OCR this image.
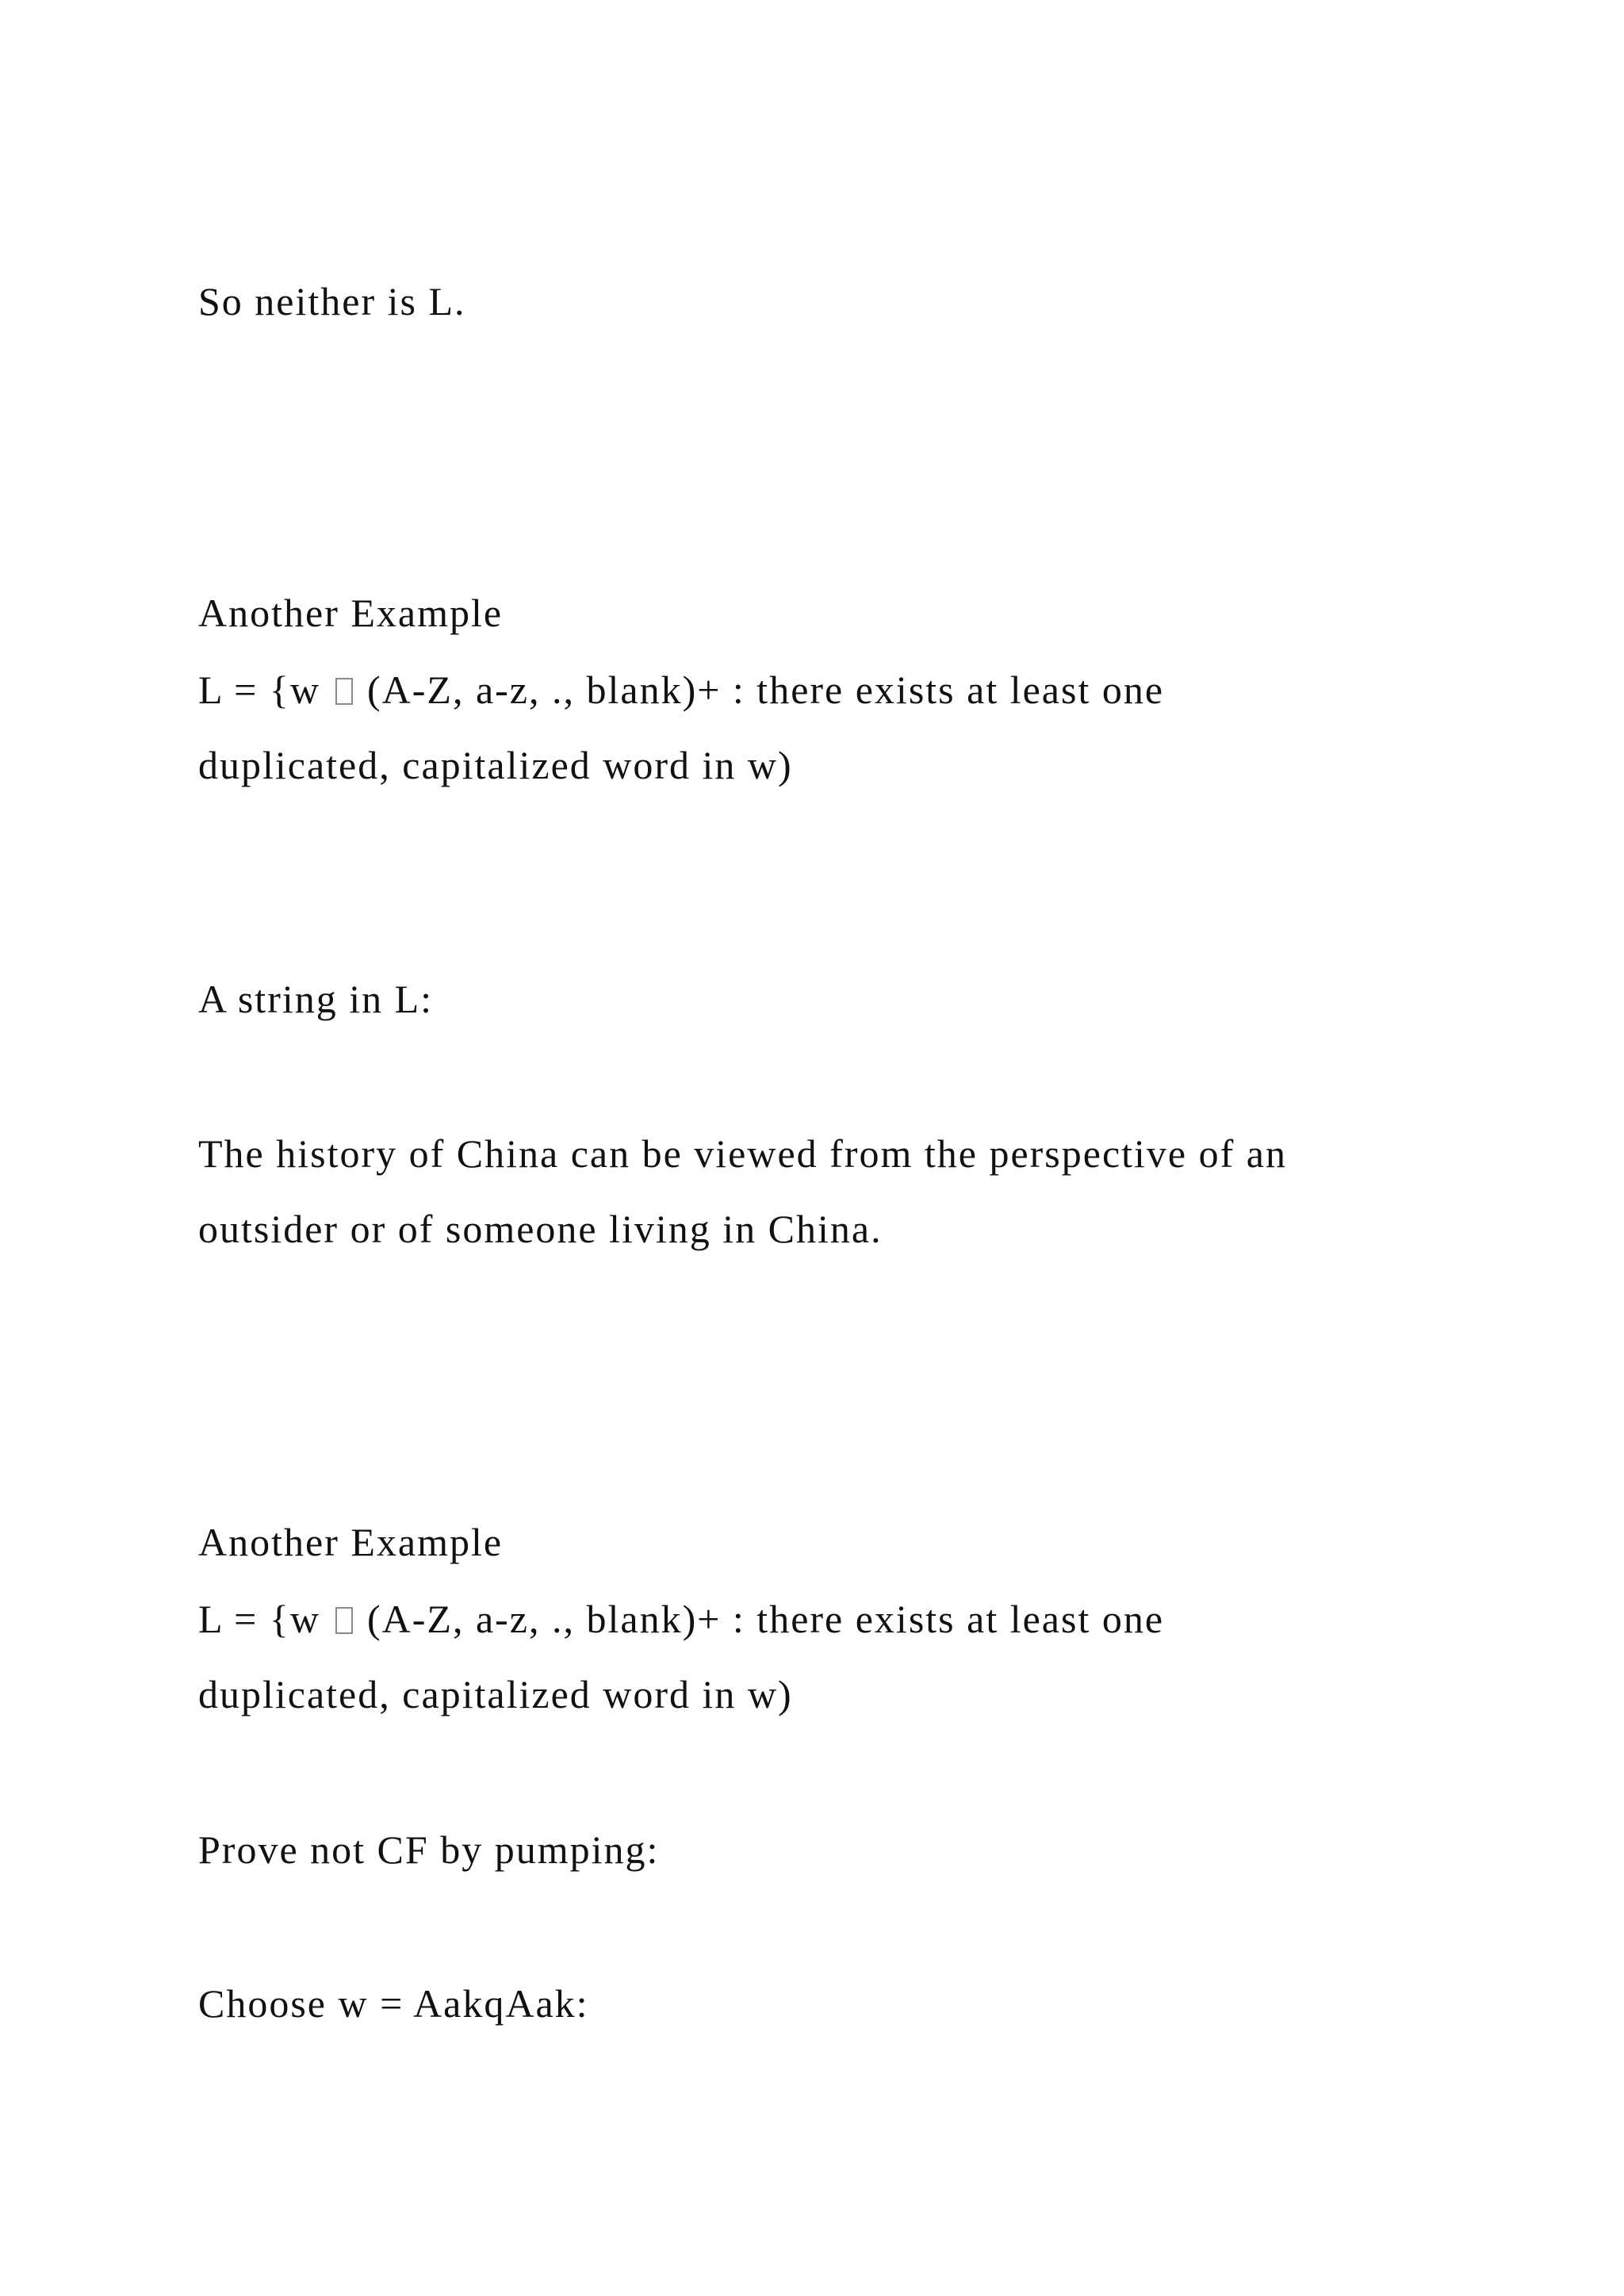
So neither is L.

Another Example

L = {w (A-Z, a-z, ., blank)+ : there exists at least one

duplicated, capitalized word in w)

A string in L:

The history of China can be viewed from the perspective of an

outsider or of someone living in China.

Another Example

L = {w (A-Z, a-z, ., blank)+ : there exists at least one

duplicated, capitalized word in w)

Prove not CF by pumping:

Choose w = AakqAak:
